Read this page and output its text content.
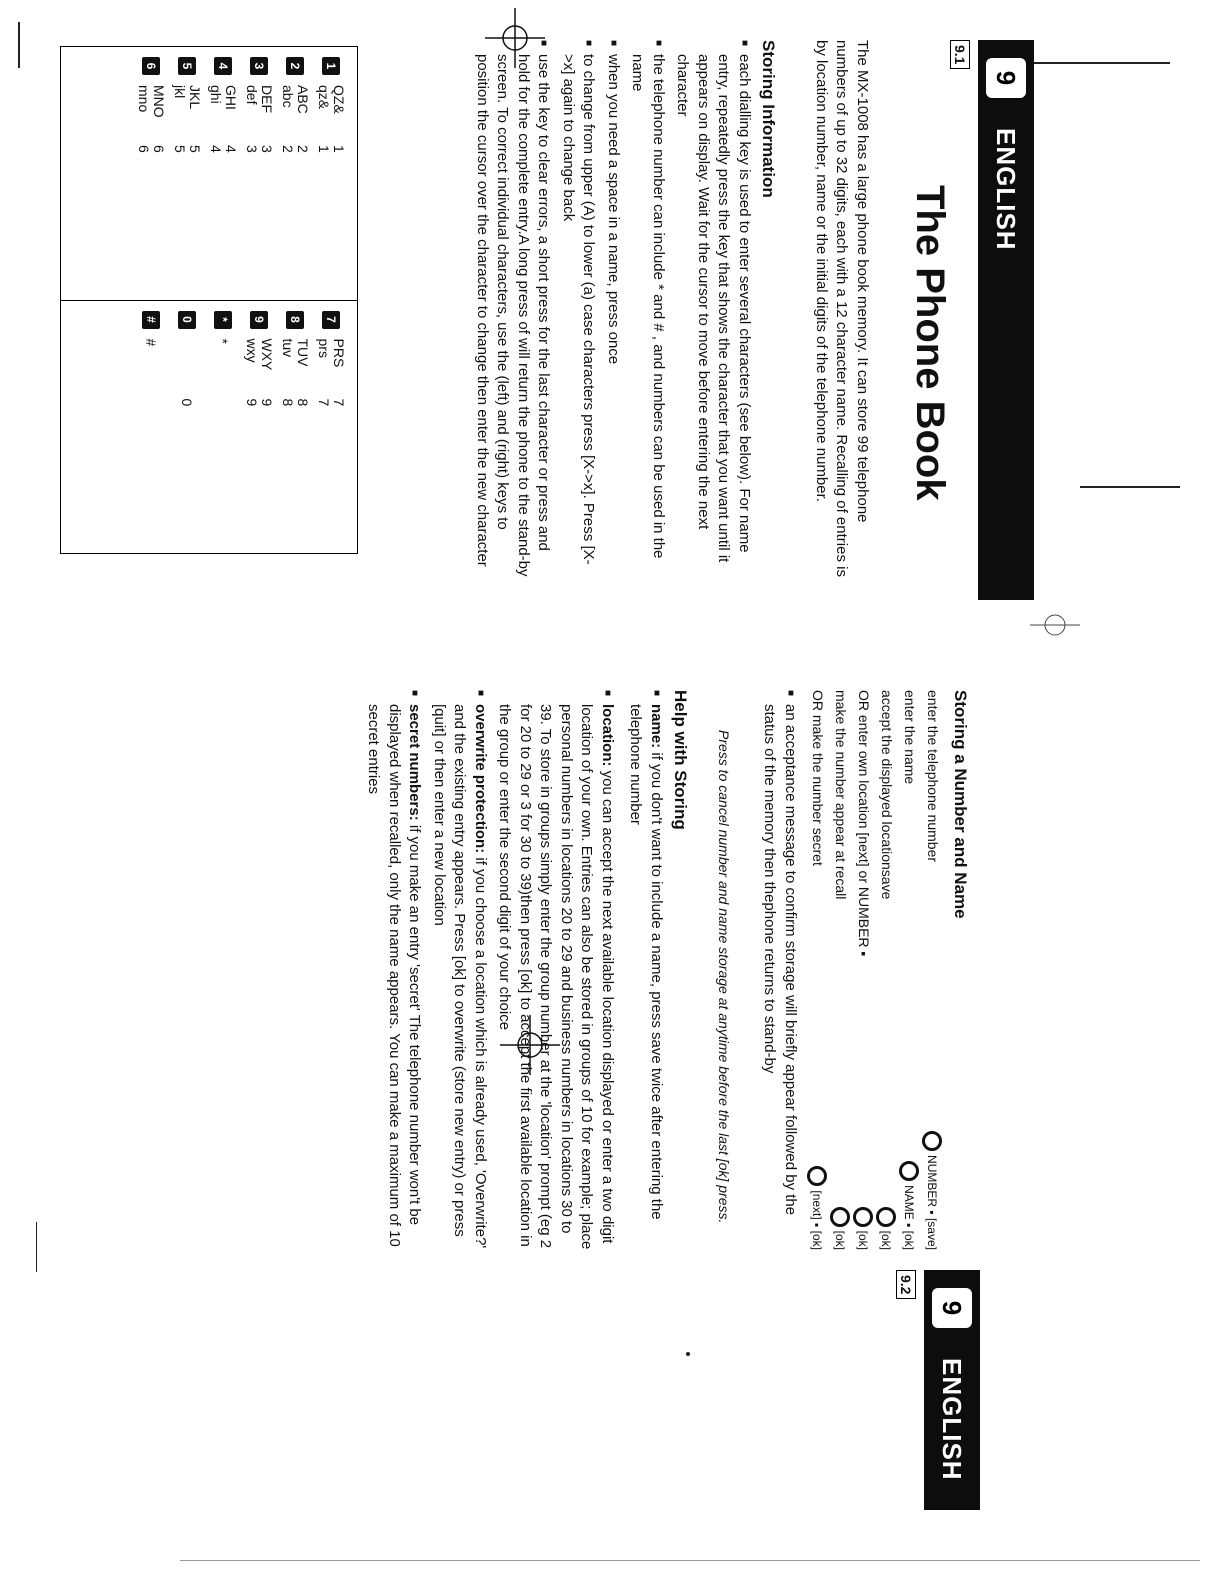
9
ENGLISH
9.1
The Phone Book

The MX-1008 has a large phone book memory. It can store 99 telephone numbers of up to 32 digits, each with a 12 character name. Recalling of entries is by location number, name or the initial digits of the telephone number.

Storing Information
■ each dialling key is used to enter several characters (see below). For name entry, repeatedly press the key that shows the character that you want until it appears on display. Wait for the cursor to move before entering the next character
■ the telephone number can include * and # , and numbers can be used in the name
■ when you need a space in a name, press once
■ to change from upper (A) to lower (a) case characters press [X->x]. Press [X->x] again to change back
■ use the key to clear errors, a short press for the last character or press and hold for the complete entry.A long press of will return the phone to the stand-by screen. To correct individual characters, use the (left) and (right) keys to position the cursor over the character to change then enter the new character
1
QZ&
qz&
1
1
2
ABC
abc
2
2
3
DEF
def
3
3
4
GHI
ghi
4
4
5
JKL
jkl
5
5
6
MNO
mno
6
6
7
PRS
prs
7
7
8
TUV
tuv
8
8
9
WXY
wxy
9
9
*
*

0

0

#
#

Storing a Number and Name
enter the telephone number
NUMBER ▪ [save]
enter the name
NAME ▪ [ok]
accept the displayed locationsave
[ok]
OR enter own location [next] or NUMBER ▪
[ok]
make the number appear at recall
[ok]
OR make the number secret
[next] ▪ [ok]
■ an acceptance message to confirm storage will briefly appear followed by the status of the memory then thephone returns to stand-by

Press to cancel number and name storage at anytime before the last [ok] press.

Help with Storing
■ name: if you don't want to include a name, press save twice after entering the telephone number
■ location: you can accept the next available location displayed or enter a two digit location of your own. Entries can also be stored in groups of 10 for example; place personal numbers in locations 20 to 29 and business numbers in locations 30 to 39. To store in groups simply enter the group number at the 'location' prompt (eg 2 for 20 to 29 or 3 for 30 to 39)then press [ok] to accept the first available location in the group or enter the second digit of your choice
■ overwrite protection: if you choose a location which is already used, 'Overwrite?' and the existing entry appears. Press [ok] to overwrite (store new entry) or press [quit] or then enter a new location
■ secret numbers: if you make an entry 'secret' The telephone number won't be displayed when recalled, only the name appears. You can make a maximum of 10 secret entries
9
ENGLISH
9.2
